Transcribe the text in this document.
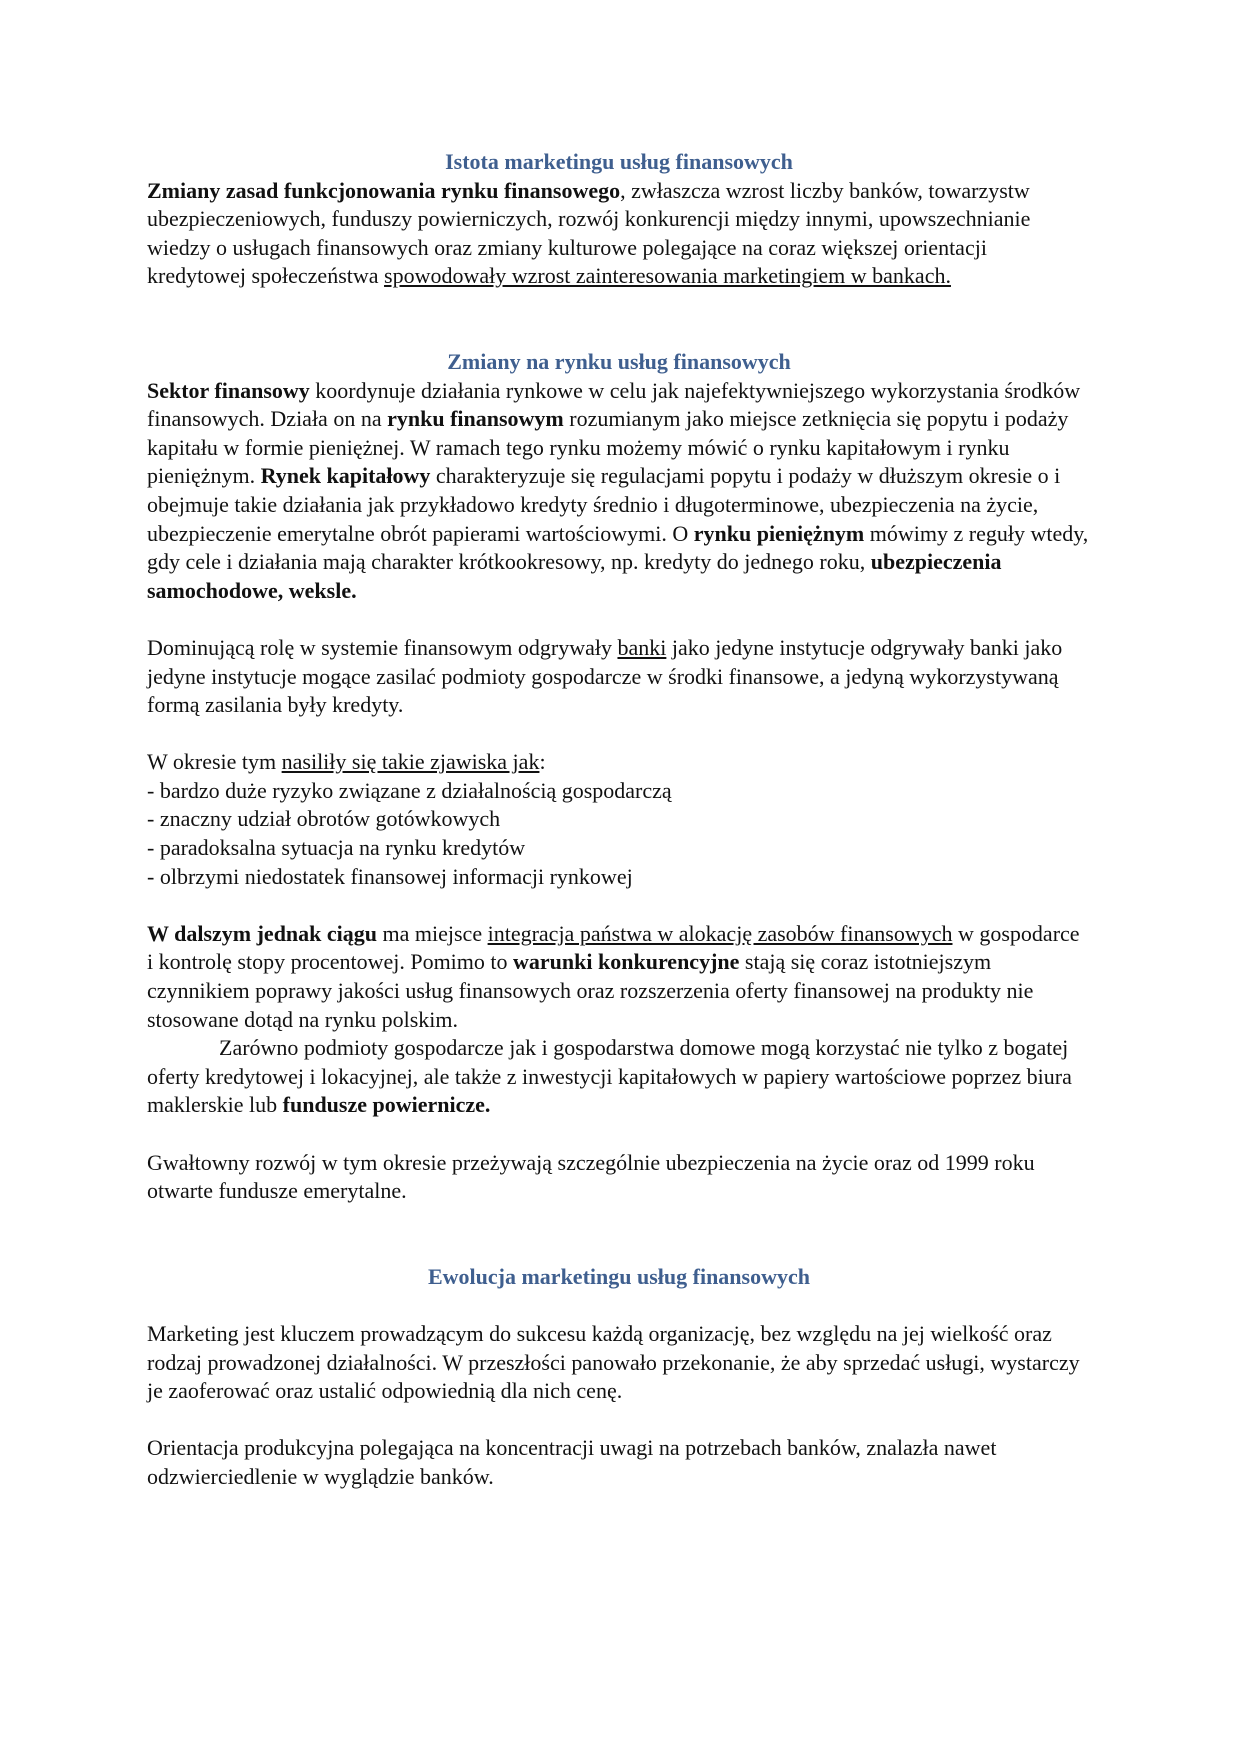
Istota marketingu usług finansowych

Zmiany zasad funkcjonowania rynku finansowego, zwłaszcza wzrost liczby banków, towarzystw ubezpieczeniowych, funduszy powierniczych, rozwój konkurencji między innymi, upowszechnianie wiedzy o usługach finansowych oraz zmiany kulturowe polegające na coraz większej orientacji kredytowej społeczeństwa spowodowały wzrost zainteresowania marketingiem w bankach.

Zmiany na rynku usług finansowych

Sektor finansowy koordynuje działania rynkowe w celu jak najefektywniejszego wykorzystania środków finansowych. Działa on na rynku finansowym rozumianym jako miejsce zetknięcia się popytu i podaży kapitału w formie pieniężnej. W ramach tego rynku możemy mówić o rynku kapitałowym i rynku pieniężnym. Rynek kapitałowy charakteryzuje się regulacjami popytu i podaży w dłuższym okresie o i obejmuje takie działania jak przykładowo kredyty średnio i długoterminowe, ubezpieczenia na życie, ubezpieczenie emerytalne obrót papierami wartościowymi. O rynku pieniężnym mówimy z reguły wtedy, gdy cele i działania mają charakter krótkookresowy, np. kredyty do jednego roku, ubezpieczenia samochodowe, weksle.

Dominującą rolę w systemie finansowym odgrywały banki jako jedyne instytucje odgrywały banki jako jedyne instytucje mogące zasilać podmioty gospodarcze w środki finansowe, a jedyną wykorzystywaną formą zasilania były kredyty.

W okresie tym nasiliły się takie zjawiska jak:

- bardzo duże ryzyko związane z działalnością gospodarczą

- znaczny udział obrotów gotówkowych

- paradoksalna sytuacja na rynku kredytów

- olbrzymi niedostatek finansowej informacji rynkowej

W dalszym jednak ciągu ma miejsce integracja państwa w alokację zasobów finansowych w gospodarce i kontrolę stopy procentowej. Pomimo to warunki konkurencyjne stają się coraz istotniejszym czynnikiem poprawy jakości usług finansowych oraz rozszerzenia oferty finansowej na produkty nie stosowane dotąd na rynku polskim.

Zarówno podmioty gospodarcze jak i gospodarstwa domowe mogą korzystać nie tylko z bogatej oferty kredytowej i lokacyjnej, ale także z inwestycji kapitałowych w papiery wartościowe poprzez biura maklerskie lub fundusze powiernicze.

Gwałtowny rozwój w tym okresie przeżywają szczególnie ubezpieczenia na życie oraz od 1999 roku otwarte fundusze emerytalne.

Ewolucja marketingu usług finansowych

Marketing jest kluczem prowadzącym do sukcesu każdą organizację, bez względu na jej wielkość oraz rodzaj prowadzonej działalności. W przeszłości panowało przekonanie, że aby sprzedać usługi, wystarczy je zaoferować oraz ustalić odpowiednią dla nich cenę.

Orientacja produkcyjna polegająca na koncentracji uwagi na potrzebach banków, znalazła nawet odzwierciedlenie w wyglądzie banków.
